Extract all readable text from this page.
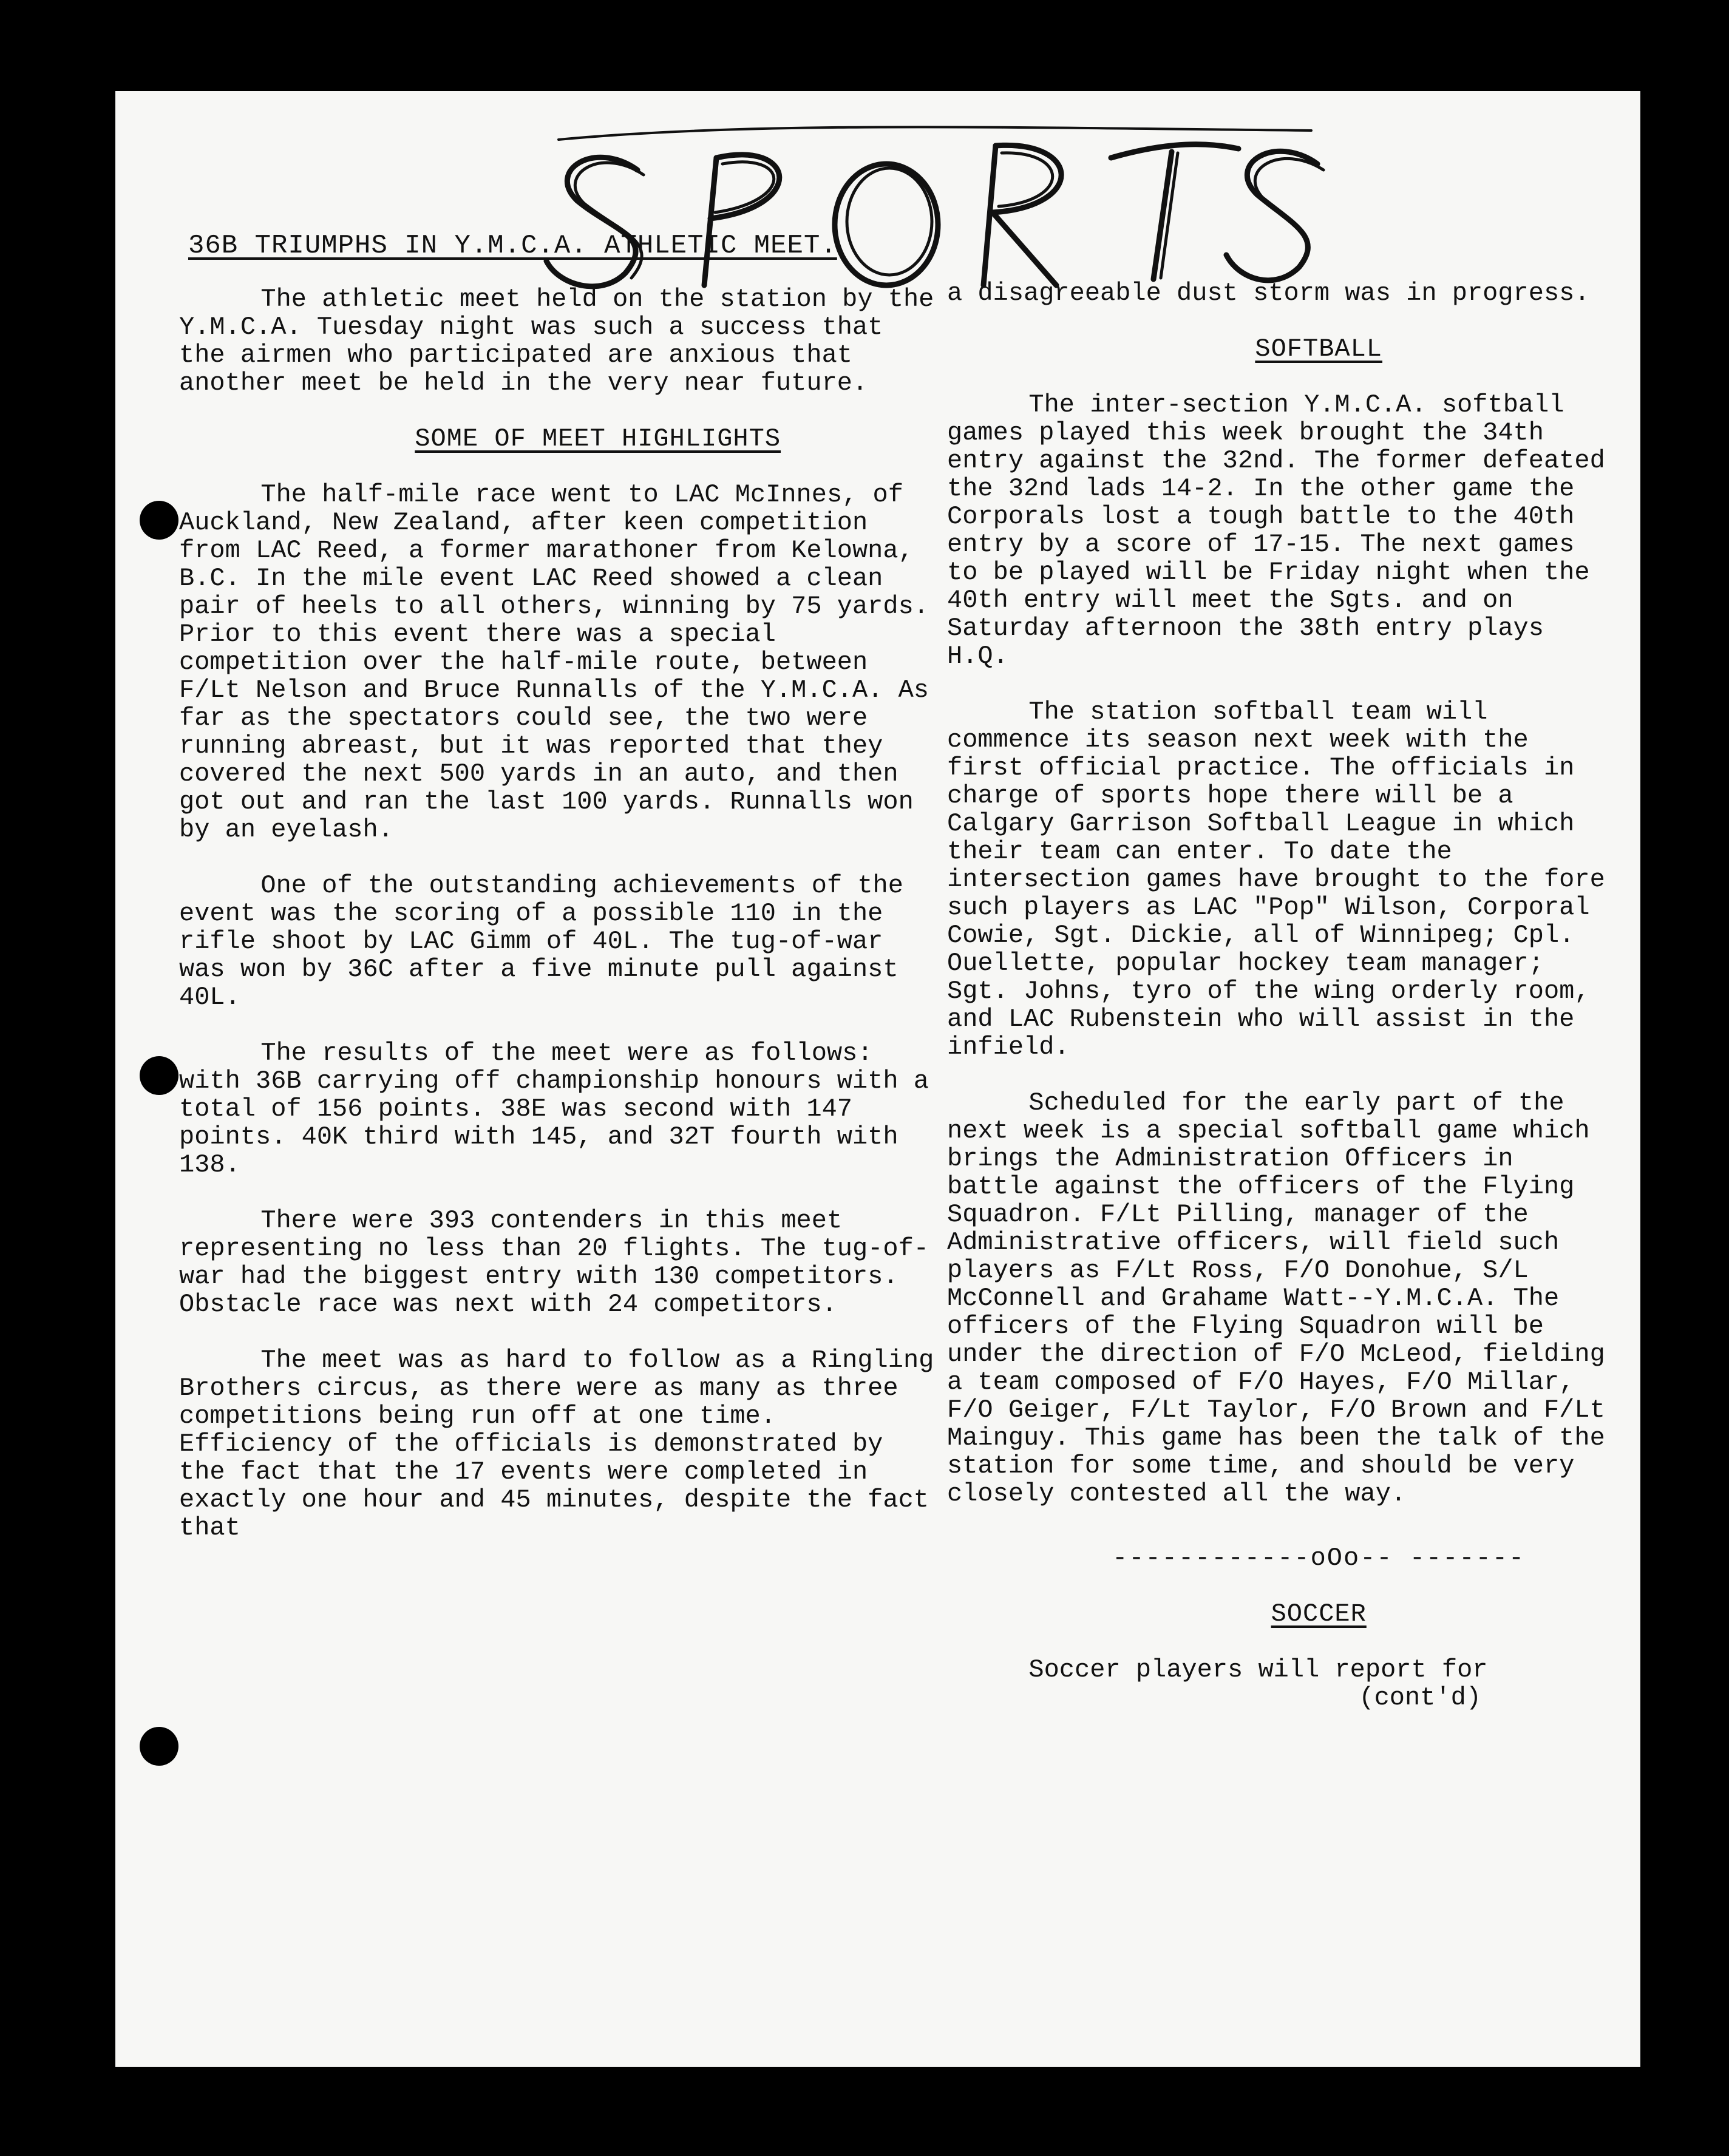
36B TRIUMPHS IN Y.M.C.A. ATHLETIC MEET.

The athletic meet held on the station by the Y.M.C.A. Tuesday night was such a success that the airmen who participated are anxious that another meet be held in the very near future.

SOME OF MEET HIGHLIGHTS

The half-mile race went to LAC McInnes, of Auckland, New Zealand, after keen competition from LAC Reed, a former marathoner from Kelowna, B.C. In the mile event LAC Reed showed a clean pair of heels to all others, winning by 75 yards. Prior to this event there was a special competition over the half-mile route, between F/Lt Nelson and Bruce Runnalls of the Y.M.C.A. As far as the spectators could see, the two were running abreast, but it was reported that they covered the next 500 yards in an auto, and then got out and ran the last 100 yards. Runnalls won by an eyelash.

One of the outstanding achievements of the event was the scoring of a possible 110 in the rifle shoot by LAC Gimm of 40L. The tug-of-war was won by 36C after a five minute pull against 40L.

The results of the meet were as follows: with 36B carrying off championship honours with a total of 156 points. 38E was second with 147 points. 40K third with 145, and 32T fourth with 138.

There were 393 contenders in this meet representing no less than 20 flights. The tug-of-war had the biggest entry with 130 competitors. Obstacle race was next with 24 competitors.

The meet was as hard to follow as a Ringling Brothers circus, as there were as many as three competitions being run off at one time. Efficiency of the officials is demonstrated by the fact that the 17 events were completed in exactly one hour and 45 minutes, despite the fact that

a disagreeable dust storm was in progress.

SOFTBALL

The inter-section Y.M.C.A. softball games played this week brought the 34th entry against the 32nd. The former defeated the 32nd lads 14-2. In the other game the Corporals lost a tough battle to the 40th entry by a score of 17-15. The next games to be played will be Friday night when the 40th entry will meet the Sgts. and on Saturday afternoon the 38th entry plays H.Q.

The station softball team will commence its season next week with the first official practice. The officials in charge of sports hope there will be a Calgary Garrison Softball League in which their team can enter. To date the intersection games have brought to the fore such players as LAC "Pop" Wilson, Corporal Cowie, Sgt. Dickie, all of Winnipeg; Cpl. Ouellette, popular hockey team manager; Sgt. Johns, tyro of the wing orderly room, and LAC Rubenstein who will assist in the infield.

Scheduled for the early part of the next week is a special softball game which brings the Administration Officers in battle against the officers of the Flying Squadron. F/Lt Pilling, manager of the Administrative officers, will field such players as F/Lt Ross, F/O Donohue, S/L McConnell and Grahame Watt--Y.M.C.A. The officers of the Flying Squadron will be under the direction of F/O McLeod, fielding a team composed of F/O Hayes, F/O Millar, F/O Geiger, F/Lt Taylor, F/O Brown and F/Lt Mainguy. This game has been the talk of the station for some time, and should be very closely contested all the way.

------------oOo-- -------

SOCCER

Soccer players will report for

(cont'd)
